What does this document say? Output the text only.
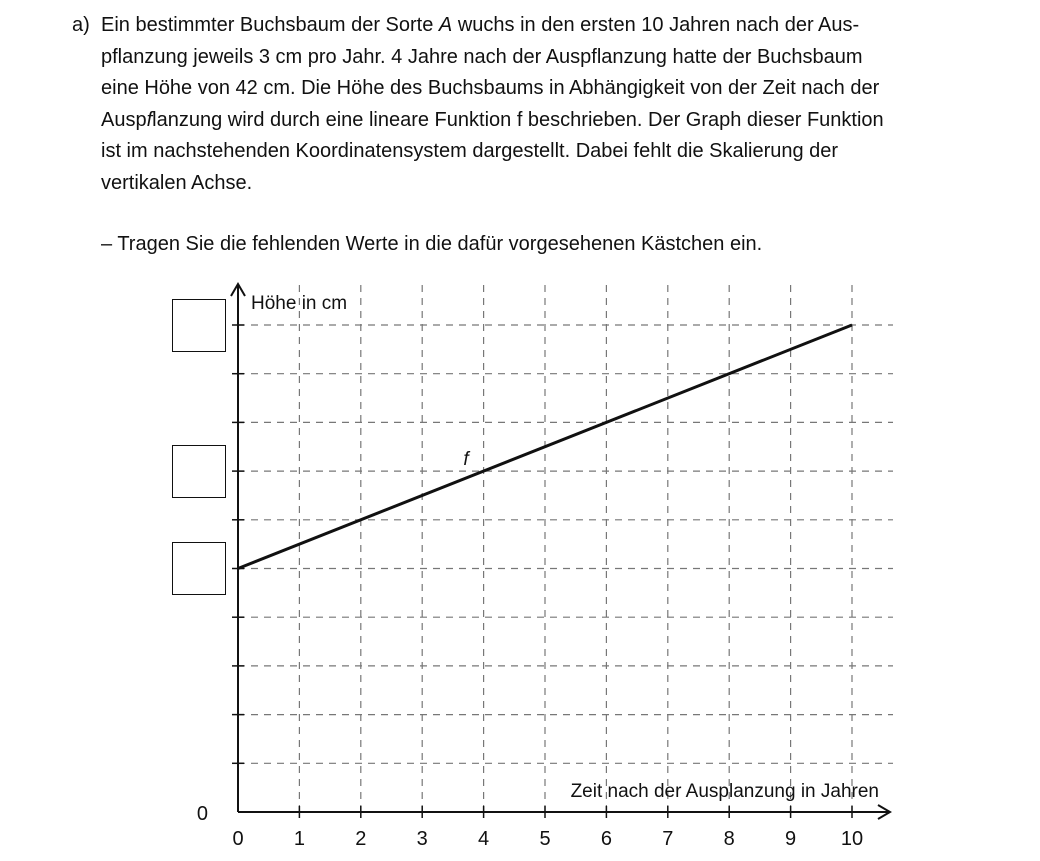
a) Ein bestimmter Buchsbaum der Sorte A wuchs in den ersten 10 Jahren nach der Aus-

pflanzung jeweils 3 cm pro Jahr. 4 Jahre nach der Auspflanzung hatte der Buchsbaum

eine Höhe von 42 cm. Die Höhe des Buchsbaums in Abhängigkeit von der Zeit nach der

Auspflanzung wird durch eine lineare Funktion f beschrieben. Der Graph dieser Funktion

ist im nachstehenden Koordinatensystem dargestellt. Dabei fehlt die Skalierung der

vertikalen Achse.

– Tragen Sie die fehlenden Werte in die dafür vorgesehenen Kästchen ein.

0	1	2	3	4	5	6	7	8	9 10
0
Höhe in cm
Zeit nach der Ausplanzung in Jahren
f
